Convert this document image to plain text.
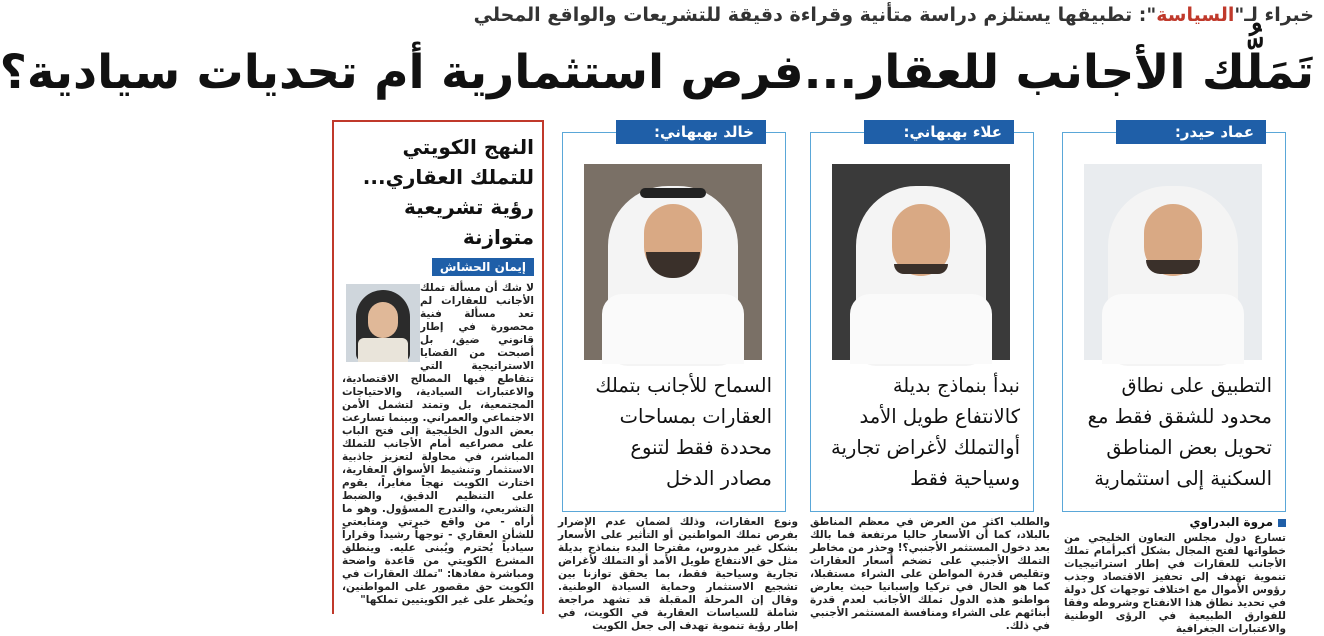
خبراء لـ"السياسة": تطبيقها يستلزم دراسة متأنية وقراءة دقيقة للتشريعات والواقع المحلي
تَمَلُّك الأجانب للعقار...فرص استثمارية أم تحديات سيادية؟
عماد حيدر:
التطبيق على نطاق محدود للشقق فقط مع تحويل بعض المناطق السكنية إلى استثمارية
علاء بهبهاني:
نبدأ بنماذج بديلة كالانتفاع طويل الأمد أوالتملك لأغراض تجارية وسياحية فقط
خالد بهبهاني:
السماح للأجانب بتملك العقارات بمساحات محددة فقط لتنوع مصادر الدخل
النهج الكويتي للتملك العقاري... رؤية تشريعية متوازنة
إيمان الحشاش
لا شك أن مسألة تملك الأجانب للعقارات لم تعد مسألة فنية محصورة في إطار قانوني ضيق، بل أصبحت من القضايا الاستراتيجية التي تتقاطع فيها المصالح الاقتصادية، والاعتبارات السيادية، والاحتياجات المجتمعية، بل وتمتد لتشمل الأمن الاجتماعي والعمراني. وبينما تسارعت بعض الدول الخليجية إلى فتح الباب على مصراعيه أمام الأجانب للتملك المباشر، في محاولة لتعزيز جاذبية الاستثمار وتنشيط الأسواق العقارية، اختارت الكويت نهجاً مغايراً، يقوم على التنظيم الدقيق، والضبط التشريعي، والتدرج المسؤول. وهو ما أراه - من واقع خبرتي ومتابعتي للشأن العقاري - توجهاً رشيداً وقراراً سيادياً يُحترم ويُبنى عليه. وينطلق المشرع الكويتي من قاعدة واضحة ومباشرة مفادها: "تملك العقارات في الكويت حق مقصور على المواطنين، ويُحظر على غير الكويتيين تملكها"
مروة البدراوي
تسارع دول مجلس التعاون الخليجي من خطواتها لفتح المجال بشكل أكبرأمام تملك الأجانب للعقارات في إطار استراتيجيات تنموية تهدف إلى تحفيز الاقتصاد وجذب رؤوس الأموال مع اختلاف توجهات كل دولة في تحديد نطاق هذا الانفتاح وشروطه وفقا للفوارق الطبيعية في الرؤى الوطنية والاعتبارات الجغرافية
والطلب اكثر من العرض في معظم المناطق بالبلاد، كما أن الأسعار حاليا مرتفعة فما بالك بعد دخول المستثمر الأجنبي؟! وحذر من مخاطر التملك الأجنبي على تضخم أسعار العقارات وتقليص قدرة المواطن على الشراء مستقبلا، كما هو الحال في تركيا وإسبانيا حيث يعارض مواطنو هذه الدول تملك الأجانب لعدم قدرة أبنائهم على الشراء ومنافسة المستثمر الأجنبي في ذلك.
ونوع العقارات، وذلك لضمان عدم الإضرار بفرص تملك المواطنين أو التأثير على الأسعار بشكل غير مدروس، مقترحا البدء بنماذج بديلة مثل حق الانتفاع طويل الأمد أو التملك لأغراض تجارية وسياحية فقط، بما يحقق توازنا بين تشجيع الاستثمار وحماية السيادة الوطنية. وقال إن المرحلة المقبلة قد تشهد مراجعة شاملة للسياسات العقارية في الكويت، في إطار رؤية تنموية تهدف إلى جعل الكويت
